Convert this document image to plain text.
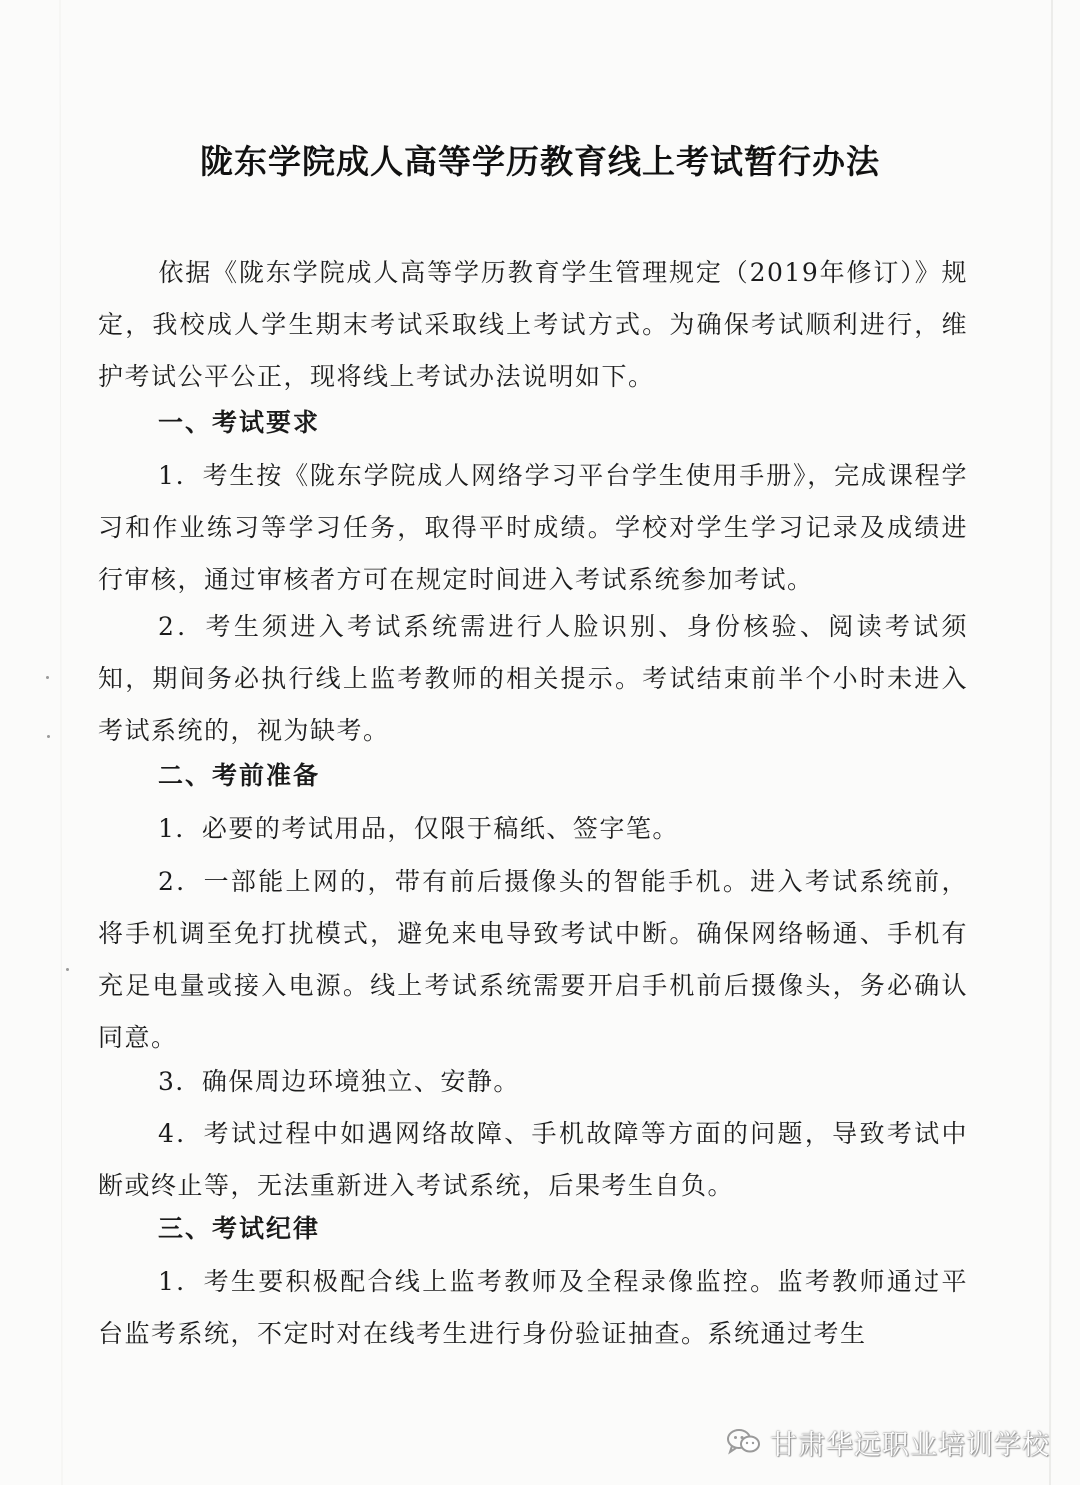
陇东学院成人高等学历教育线上考试暂行办法

依据《陇东学院成人高等学历教育学生管理规定（2019年修订）》规定，我校成人学生期末考试采取线上考试方式。为确保考试顺利进行，维护考试公平公正，现将线上考试办法说明如下。

一、考试要求

1．考生按《陇东学院成人网络学习平台学生使用手册》，完成课程学习和作业练习等学习任务，取得平时成绩。学校对学生学习记录及成绩进行审核，通过审核者方可在规定时间进入考试系统参加考试。

2．考生须进入考试系统需进行人脸识别、身份核验、阅读考试须知，期间务必执行线上监考教师的相关提示。考试结束前半个小时未进入考试系统的，视为缺考。

二、考前准备

1．必要的考试用品，仅限于稿纸、签字笔。

2．一部能上网的，带有前后摄像头的智能手机。进入考试系统前，将手机调至免打扰模式，避免来电导致考试中断。确保网络畅通、手机有充足电量或接入电源。线上考试系统需要开启手机前后摄像头，务必确认同意。

3．确保周边环境独立、安静。

4．考试过程中如遇网络故障、手机故障等方面的问题，导致考试中断或终止等，无法重新进入考试系统，后果考生自负。

三、考试纪律

1．考生要积极配合线上监考教师及全程录像监控。监考教师通过平台监考系统，不定时对在线考生进行身份验证抽查。系统通过考生

甘肃华远职业培训学校
